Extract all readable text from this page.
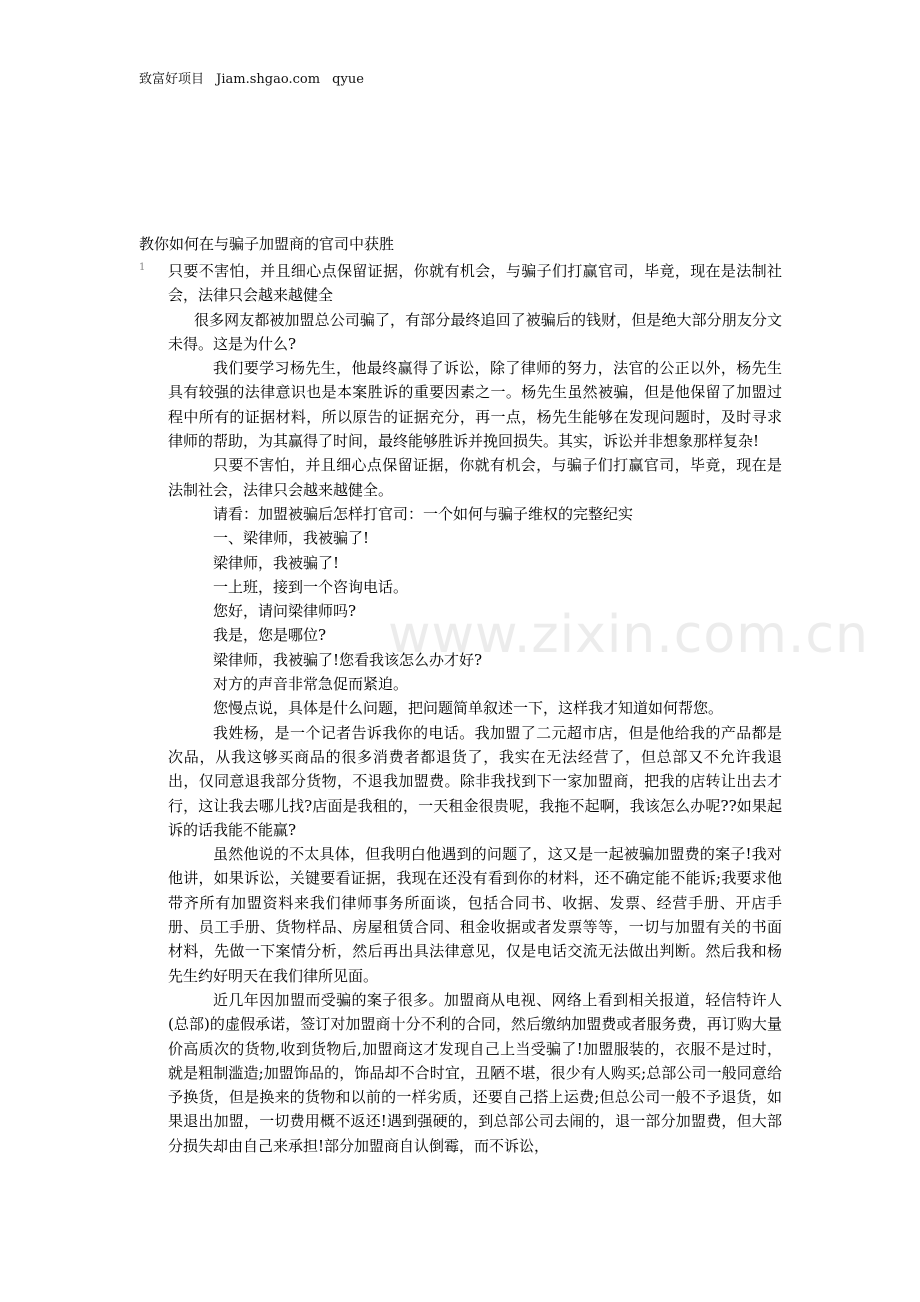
致富好项目 Jiam.shgao.com qyue
www.zixin.com.cn
教你如何在与骗子加盟商的官司中获胜
1 只要不害怕，并且细心点保留证据，你就有机会，与骗子们打赢官司，毕竟，现在是法制社会，法律只会越来越健全

很多网友都被加盟总公司骗了，有部分最终追回了被骗后的钱财，但是绝大部分朋友分文未得。这是为什么?

我们要学习杨先生，他最终赢得了诉讼，除了律师的努力，法官的公正以外，杨先生具有较强的法律意识也是本案胜诉的重要因素之一。杨先生虽然被骗，但是他保留了加盟过程中所有的证据材料，所以原告的证据充分，再一点，杨先生能够在发现问题时，及时寻求律师的帮助，为其赢得了时间，最终能够胜诉并挽回损失。其实，诉讼并非想象那样复杂!

只要不害怕，并且细心点保留证据，你就有机会，与骗子们打赢官司，毕竟，现在是法制社会，法律只会越来越健全。

请看：加盟被骗后怎样打官司：一个如何与骗子维权的完整纪实

一、梁律师，我被骗了!

梁律师，我被骗了!

一上班，接到一个咨询电话。

您好，请问梁律师吗?

我是，您是哪位?

梁律师，我被骗了!您看我该怎么办才好?

对方的声音非常急促而紧迫。

您慢点说，具体是什么问题，把问题简单叙述一下，这样我才知道如何帮您。

我姓杨，是一个记者告诉我你的电话。我加盟了二元超市店，但是他给我的产品都是次品，从我这够买商品的很多消费者都退货了，我实在无法经营了，但总部又不允许我退出，仅同意退我部分货物，不退我加盟费。除非我找到下一家加盟商，把我的店转让出去才行，这让我去哪儿找?店面是我租的，一天租金很贵呢，我拖不起啊，我该怎么办呢??如果起诉的话我能不能赢?

虽然他说的不太具体，但我明白他遇到的问题了，这又是一起被骗加盟费的案子!我对他讲，如果诉讼，关键要看证据，我现在还没有看到你的材料，还不确定能不能诉;我要求他带齐所有加盟资料来我们律师事务所面谈，包括合同书、收据、发票、经营手册、开店手册、员工手册、货物样品、房屋租赁合同、租金收据或者发票等等，一切与加盟有关的书面材料，先做一下案情分析，然后再出具法律意见，仅是电话交流无法做出判断。然后我和杨先生约好明天在我们律所见面。

近几年因加盟而受骗的案子很多。加盟商从电视、网络上看到相关报道，轻信特许人(总部)的虚假承诺，签订对加盟商十分不利的合同，然后缴纳加盟费或者服务费，再订购大量价高质次的货物,收到货物后,加盟商这才发现自己上当受骗了!加盟服装的，衣服不是过时，就是粗制滥造;加盟饰品的，饰品却不合时宜，丑陋不堪，很少有人购买;总部公司一般同意给予换货，但是换来的货物和以前的一样劣质，还要自己搭上运费;但总公司一般不予退货，如果退出加盟，一切费用概不返还!遇到强硬的，到总部公司去闹的，退一部分加盟费，但大部分损失却由自己来承担!部分加盟商自认倒霉，而不诉讼，
